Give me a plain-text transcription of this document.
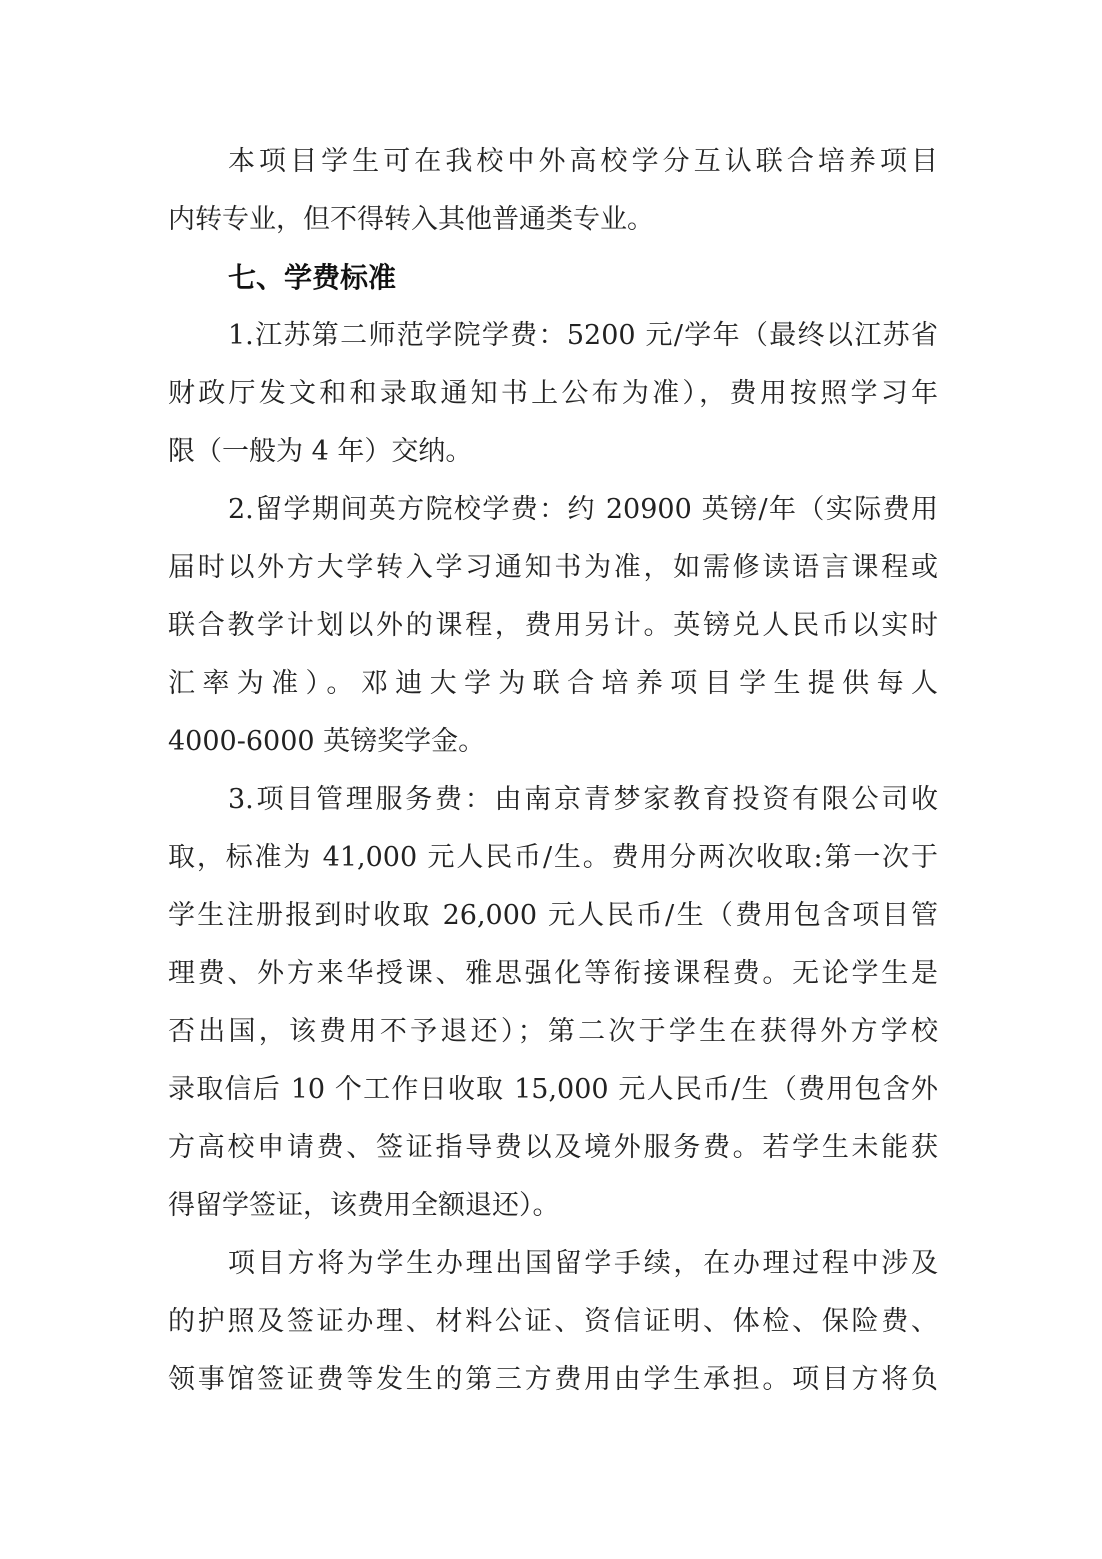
本项目学生可在我校中外高校学分互认联合培养项目
内转专业，但不得转入其他普通类专业。
七、学费标准
1.江苏第二师范学院学费：5200 元/学年（最终以江苏省
财政厅发文和和录取通知书上公布为准），费用按照学习年
限（一般为 4 年）交纳。
2.留学期间英方院校学费：约 20900 英镑/年（实际费用
届时以外方大学转入学习通知书为准，如需修读语言课程或
联合教学计划以外的课程，费用另计。英镑兑人民币以实时
汇率为准）。邓迪大学为联合培养项目学生提供每人
4000-6000 英镑奖学金。
3.项目管理服务费：由南京青梦家教育投资有限公司收
取，标准为 41,000 元人民币/生。费用分两次收取:第一次于
学生注册报到时收取 26,000 元人民币/生（费用包含项目管
理费、外方来华授课、雅思强化等衔接课程费。无论学生是
否出国，该费用不予退还）；第二次于学生在获得外方学校
录取信后 10 个工作日收取 15,000 元人民币/生（费用包含外
方高校申请费、签证指导费以及境外服务费。若学生未能获
得留学签证，该费用全额退还）。
项目方将为学生办理出国留学手续，在办理过程中涉及
的护照及签证办理、材料公证、资信证明、体检、保险费、
领事馆签证费等发生的第三方费用由学生承担。项目方将负
